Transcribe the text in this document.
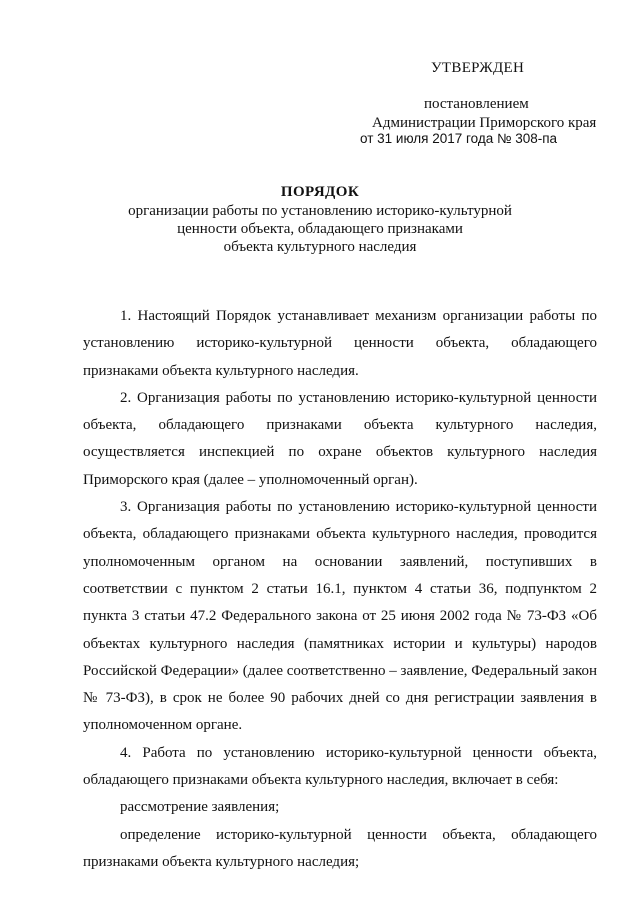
УТВЕРЖДЕН
постановлением
Администрации Приморского края
от 31 июля 2017 года № 308-па
ПОРЯДОК
организации работы по установлению историко-культурной
ценности объекта, обладающего признаками
объекта культурного наследия

1. Настоящий Порядок устанавливает механизм организации работы по установлению историко-культурной ценности объекта, обладающего признаками объекта культурного наследия.

2. Организация работы по установлению историко-культурной ценности объекта, обладающего признаками объекта культурного наследия, осуществляется инспекцией по охране объектов культурного наследия Приморского края (далее – уполномоченный орган).

3. Организация работы по установлению историко-культурной ценности объекта, обладающего признаками объекта культурного наследия, проводится уполномоченным органом на основании заявлений, поступивших в соответствии с пунктом 2 статьи 16.1, пунктом 4 статьи 36, подпунктом 2 пункта 3 статьи 47.2 Федерального закона от 25 июня 2002 года № 73-ФЗ «Об объектах культурного наследия (памятниках истории и культуры) народов Российской Федерации» (далее соответственно – заявление, Федеральный закон № 73-ФЗ), в срок не более 90 рабочих дней со дня регистрации заявления в уполномоченном органе.

4. Работа по установлению историко-культурной ценности объекта, обладающего признаками объекта культурного наследия, включает в себя:

рассмотрение заявления;

определение историко-культурной ценности объекта, обладающего признаками объекта культурного наследия;
